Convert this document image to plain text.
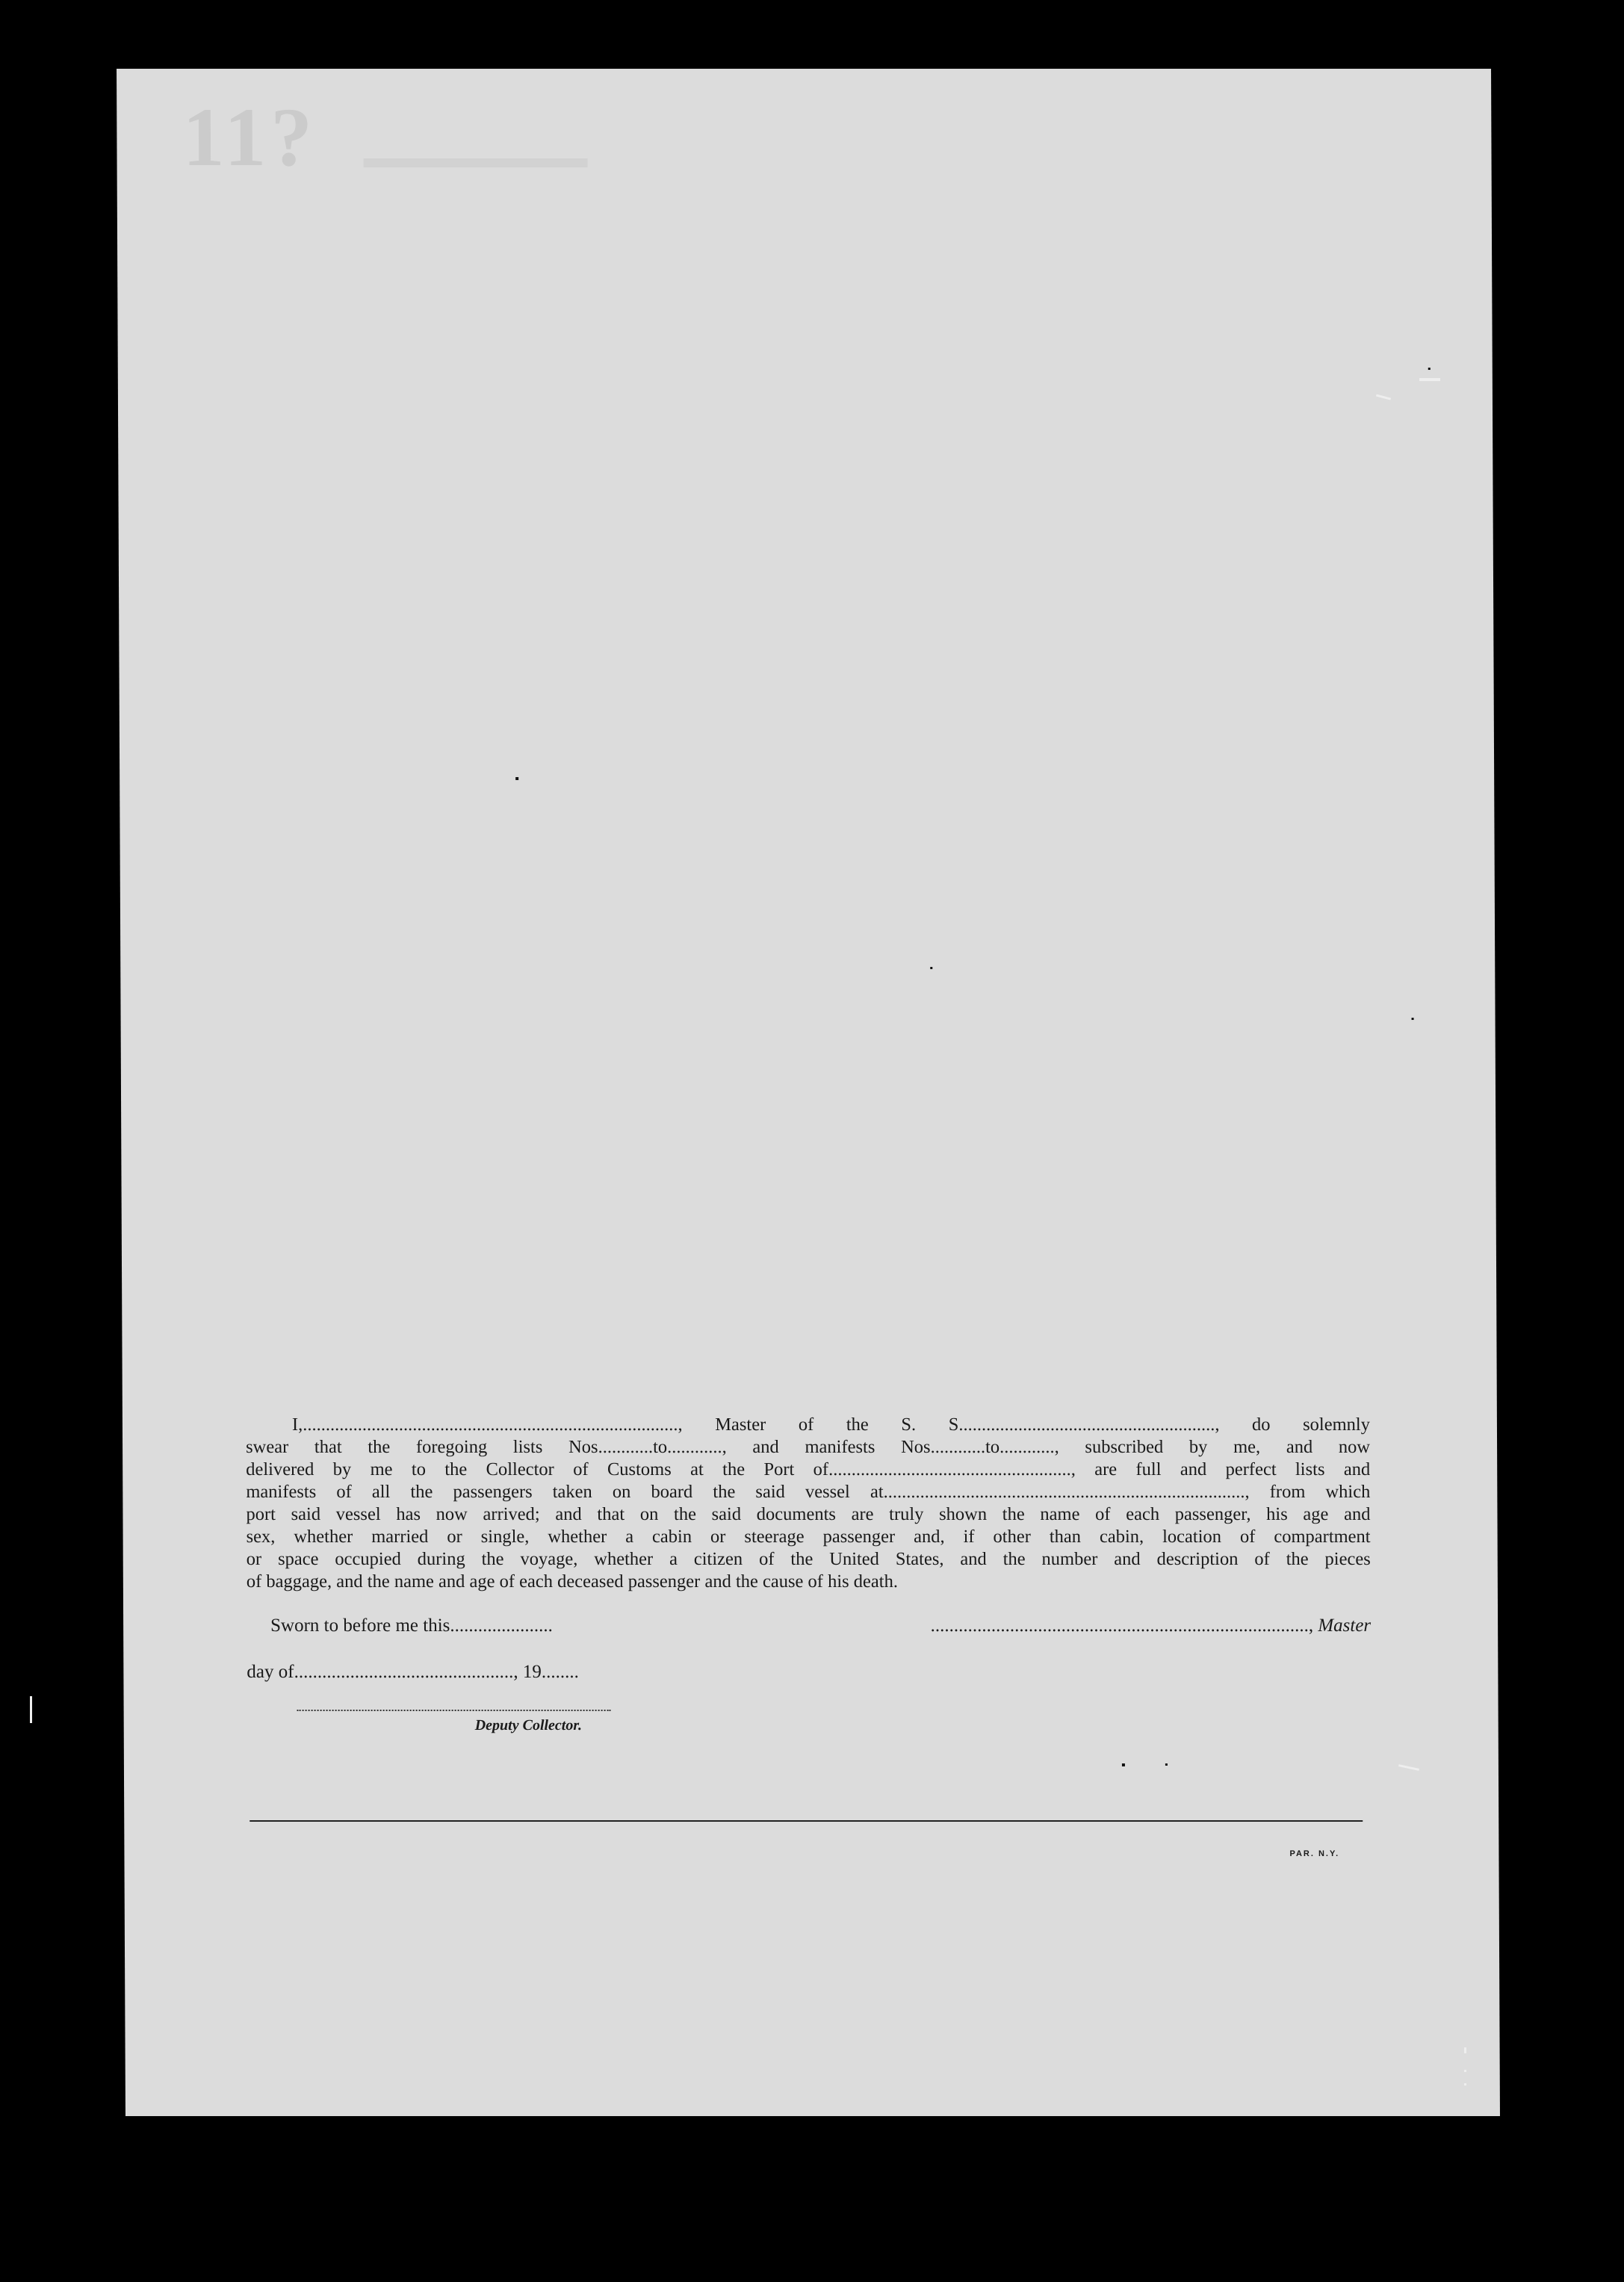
11?

I,.................................................................................., Master of the S. S........................................................, do solemnly

swear that the foregoing lists Nos............to............, and manifests Nos............to............, subscribed by me, and now

delivered by me to the Collector of Customs at the Port of....................................................., are full and perfect lists and

manifests of all the passengers taken on board the said vessel at..............................................................................., from which

port said vessel has now arrived; and that on the said documents are truly shown the name of each passenger, his age and

sex, whether married or single, whether a cabin or steerage passenger and, if other than cabin, location of compartment

or space occupied during the voyage, whether a citizen of the United States, and the number and description of the pieces

of baggage, and the name and age of each deceased passenger and the cause of his death.

Sworn to before me this......................	................................................................................., Master
day of..............................................., 19........
Deputy Collector.
PAR. N.Y.
